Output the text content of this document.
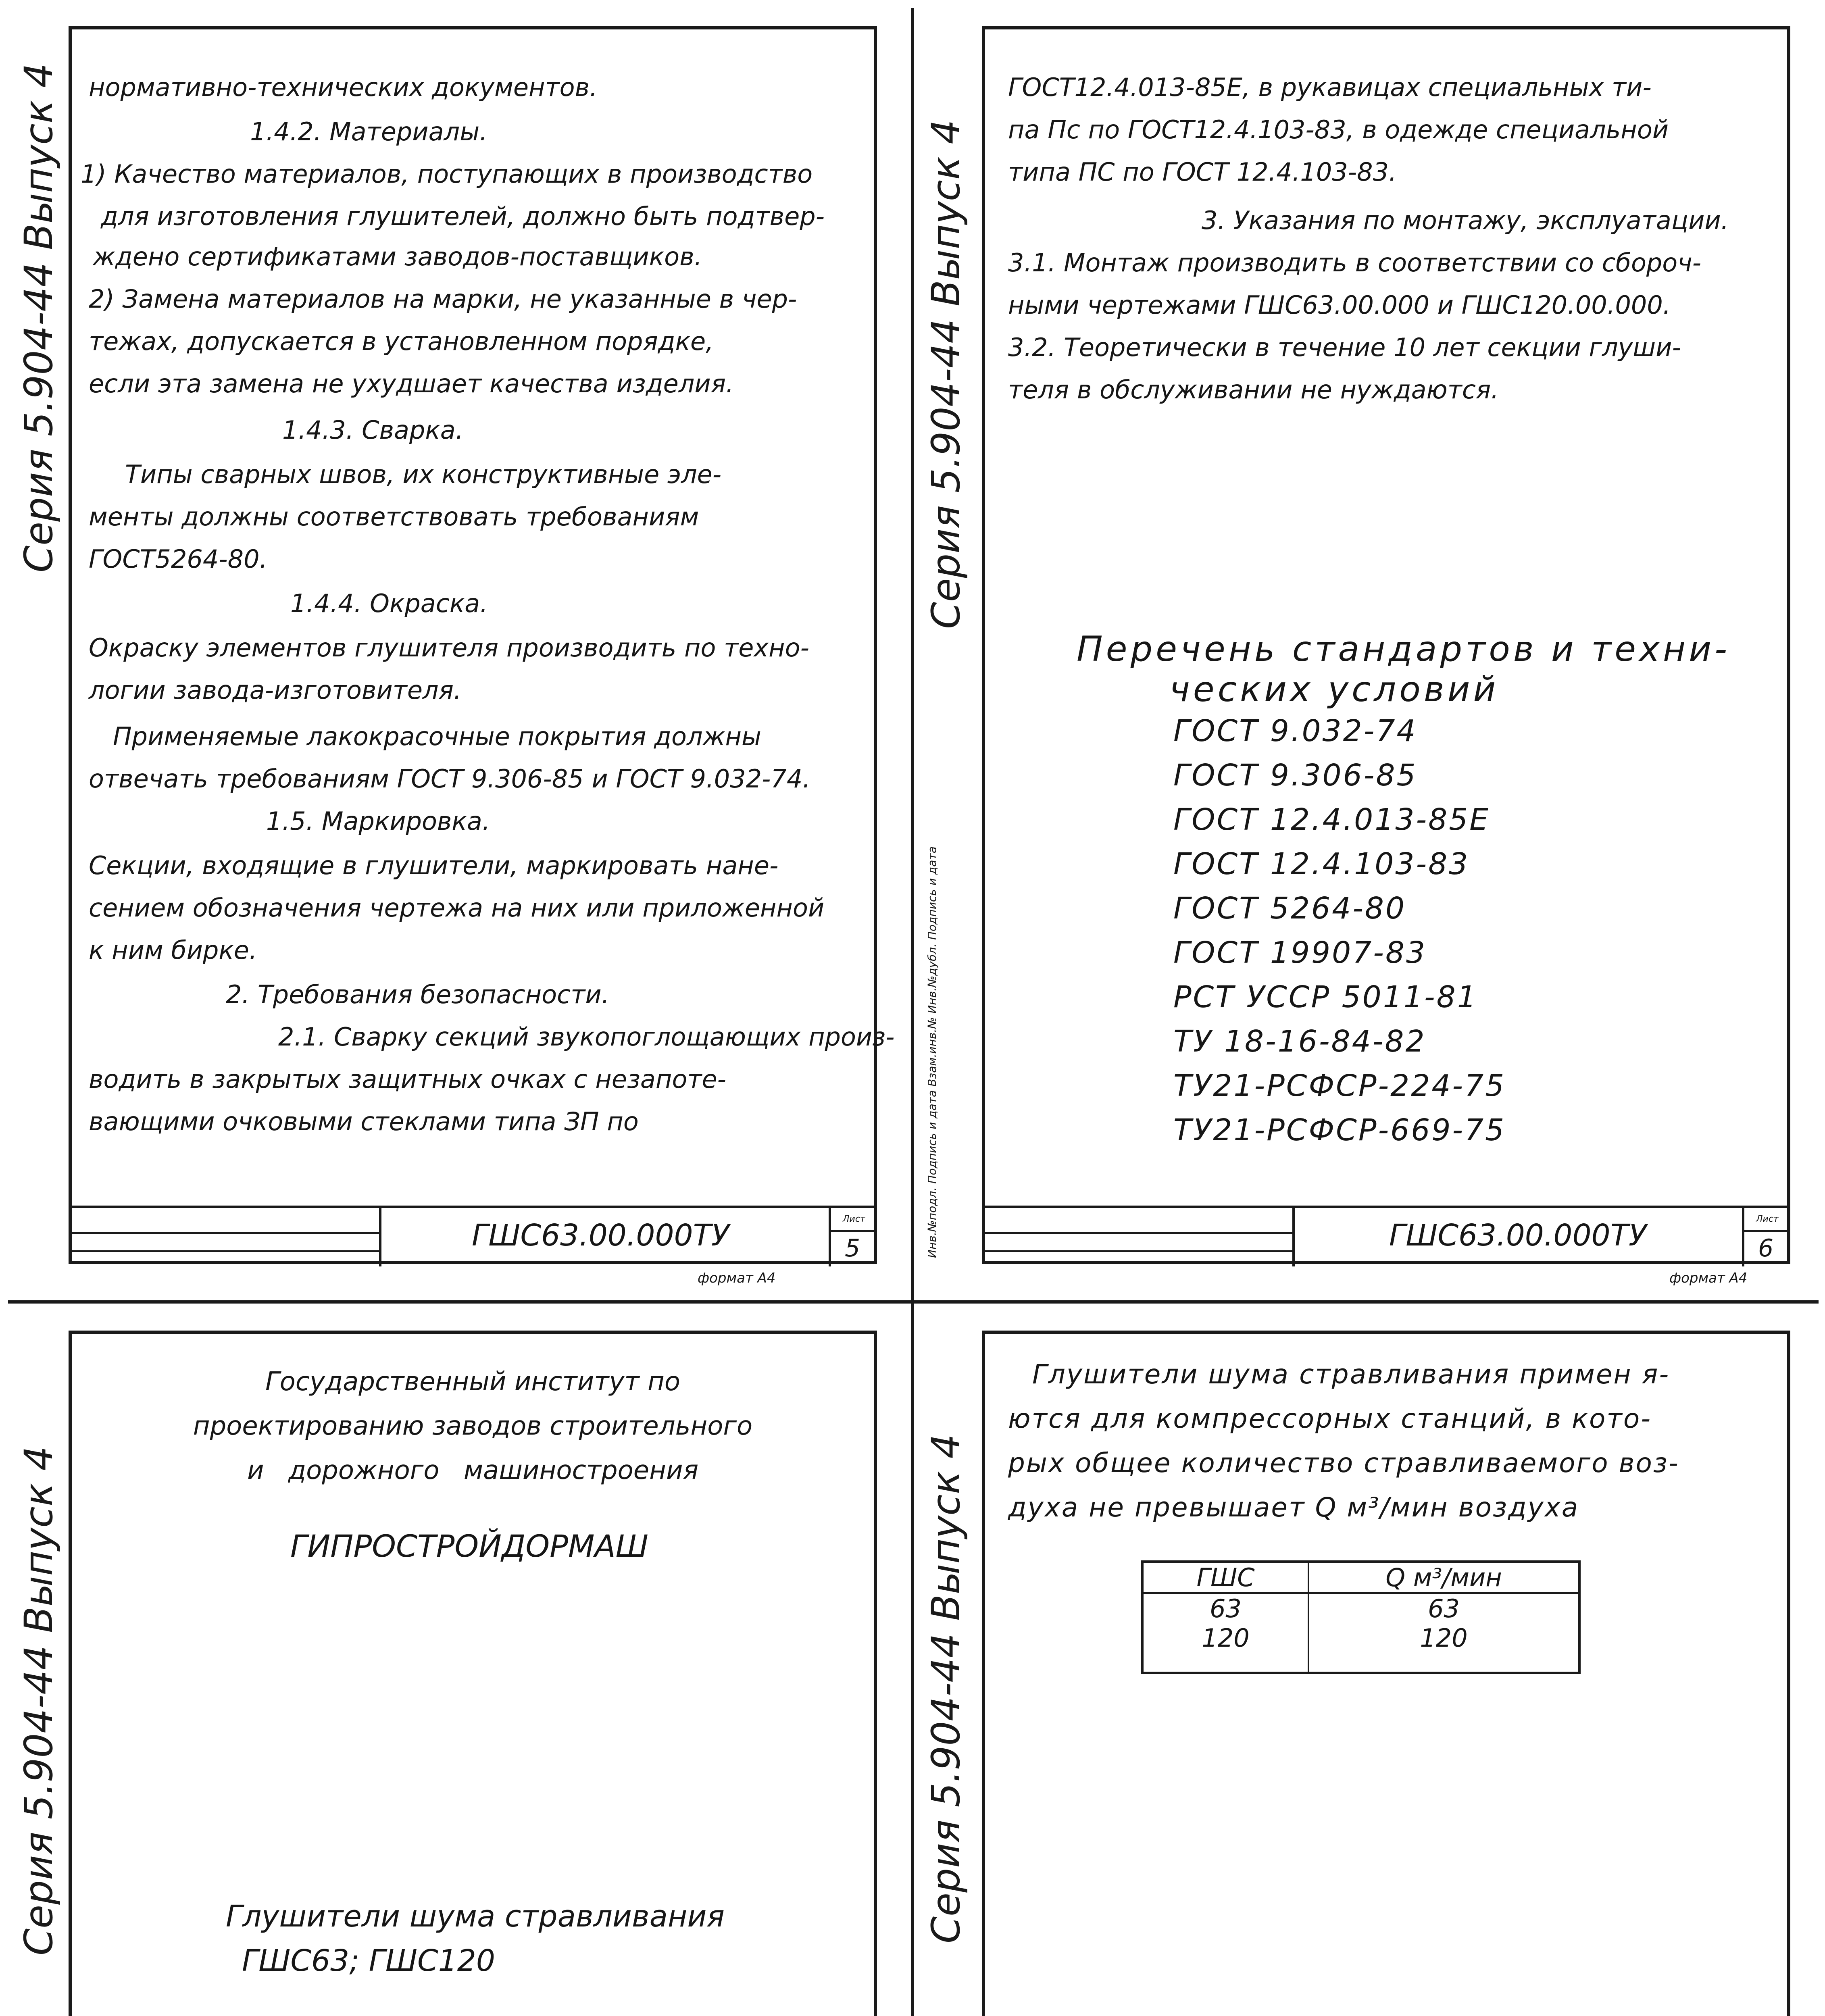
Серия 5.904-44 Выпуск 4 нормативно-технических документов.
1.4.2. Материалы.
1) Качество материалов, поступающих в производство
для изготовления глушителей, должно быть подтвер-
ждено сертификатами заводов-поставщиков.
2) Замена материалов на марки, не указанные в чер-
тежах, допускается в установленном порядке,
если эта замена не ухудшает качества изделия.
1.4.3. Сварка.
Типы сварных швов, их конструктивные эле-
менты должны соответствовать требованиям
ГОСТ5264-80.
1.4.4. Окраска.
Окраску элементов глушителя производить по техно-
логии завода-изготовителя.
Применяемые лакокрасочные покрытия должны
отвечать требованиям ГОСТ 9.306-85 и ГОСТ 9.032-74.
1.5. Маркировка.
Секции, входящие в глушители, маркировать нане-
сением обозначения чертежа на них или приложенной
к ним бирке.
2. Требования безопасности.
2.1. Сварку секций звукопоглощающих произ-
водить в закрытых защитных очках с незапоте-
вающими очковыми стеклами типа ЗП по
ГШС63.00.000ТУ	Лист
5
формат А4
Серия 5.904-44 Выпуск 4
Инв.№подл. Подпись и дата Взам.инв.№ Инв.№дубл. Подпись и дата
ГОСТ12.4.013-85Е, в рукавицах специальных ти-
па Пс по ГОСТ12.4.103-83, в одежде специальной
типа ПС по ГОСТ 12.4.103-83.
3. Указания по монтажу, эксплуатации.
3.1. Монтаж производить в соответствии со сбороч-
ными чертежами ГШС63.00.000 и ГШС120.00.000.
3.2. Теоретически в течение 10 лет секции глуши-
теля в обслуживании не нуждаются.
Перечень стандартов и техни-
ческих условий
ГОСТ 9.032-74
ГОСТ 9.306-85
ГОСТ 12.4.013-85Е
ГОСТ 12.4.103-83
ГОСТ 5264-80
ГОСТ 19907-83
РСТ УССР 5011-81
ТУ 18-16-84-82
ТУ21-РСФСР-224-75
ТУ21-РСФСР-669-75
ГШС63.00.000ТУ	Лист
6
формат А4
Серия 5.904-44 Выпуск 4
Государственный институт по
проектированию заводов строительного
и дорожного машиностроения
ГИПРОСТРОЙДОРМАШ
Глушители шума стравливания
ГШС63; ГШС120
Серия 5.904-44 Выпуск 4
Глушители шума стравливания примен я-
ются для компрессорных станций, в кото-
рых общее количество стравливаемого воз-
духа не превышает Q м³/мин воздуха
ГШС	Q м³/мин
63	63
120	120
